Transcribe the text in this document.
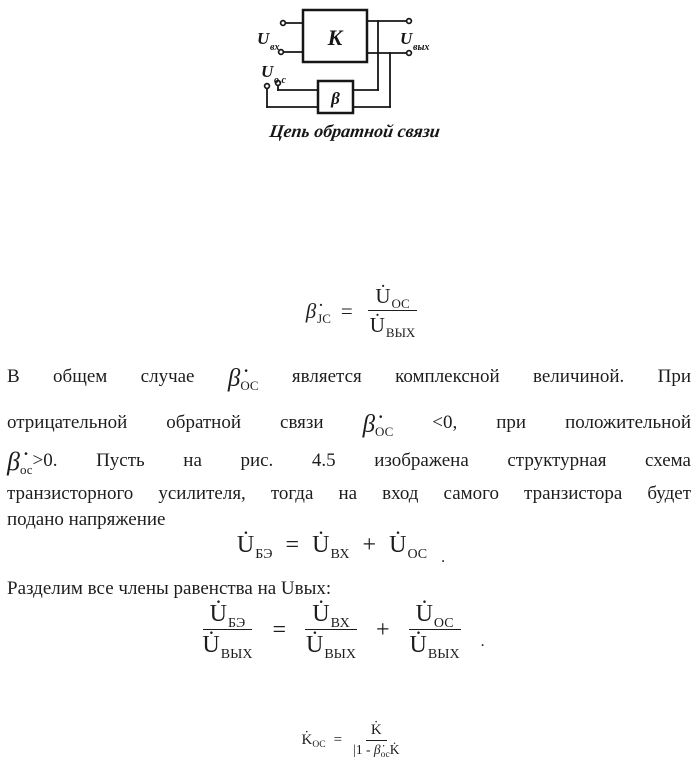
K
β
U вх
U о.с
U вых
Цепь обратной связи
$\betȧ_{JC} = \frac{U̇_{ОС}}{U̇_{ВЫХ}}$
В общем случае β̇ОС является комплексной величиной. При
отрицательной обратной связи β̇ОС <0, при положительной
β̇ос>0. Пусть на рис. 4.5 изображена структурная схема
транзисторного усилителя, тогда на вход самого транзистора будет
подано напряжение
$U̇_{БЭ}$ = $U̇_{ВХ}$ + $U̇_{ОС}$ .
Разделим все члены равенства на Uвых:
$\frac{U̇_{БЭ}}{U̇_{ВЫХ}} = \frac{U̇_{ВХ}}{U̇_{ВЫХ}} + \frac{U̇_{ОС}}{U̇_{ВЫХ}}$ .
$K̇_{ОС} = \frac{K̇}{|1 - \betȧ_{ос}K̇}$
